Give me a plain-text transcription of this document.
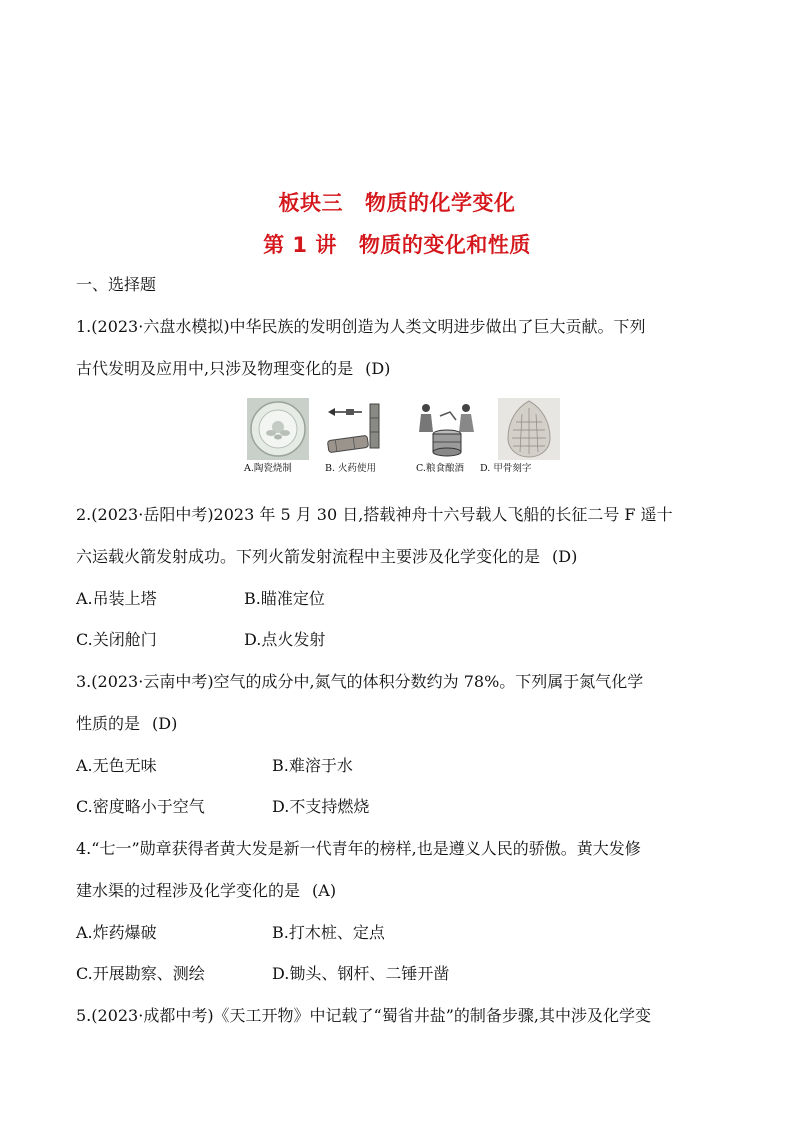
板块三 物质的化学变化
第 1 讲 物质的变化和性质
一、选择题
1.(2023·六盘水模拟)中华民族的发明创造为人类文明进步做出了巨大贡献。下列
古代发明及应用中,只涉及物理变化的是 (D)
A.陶瓷烧制	B. 火药使用	C.粮食酿酒 D. 甲骨刻字
2.(2023·岳阳中考)2023 年 5 月 30 日,搭载神舟十六号载人飞船的长征二号 F 遥十
六运载火箭发射成功。下列火箭发射流程中主要涉及化学变化的是 (D)
A.吊装上塔	B.瞄准定位
C.关闭舱门	D.点火发射
3.(2023·云南中考)空气的成分中,氮气的体积分数约为 78%。下列属于氮气化学
性质的是 (D)
A.无色无味	B.难溶于水
C.密度略小于空气	D.不支持燃烧
4.“七一”勋章获得者黄大发是新一代青年的榜样,也是遵义人民的骄傲。黄大发修
建水渠的过程涉及化学变化的是 (A)
A.炸药爆破	B.打木桩、定点
C.开展勘察、测绘	D.锄头、钢杆、二锤开凿
5.(2023·成都中考)《天工开物》中记载了“蜀省井盐”的制备步骤,其中涉及化学变
